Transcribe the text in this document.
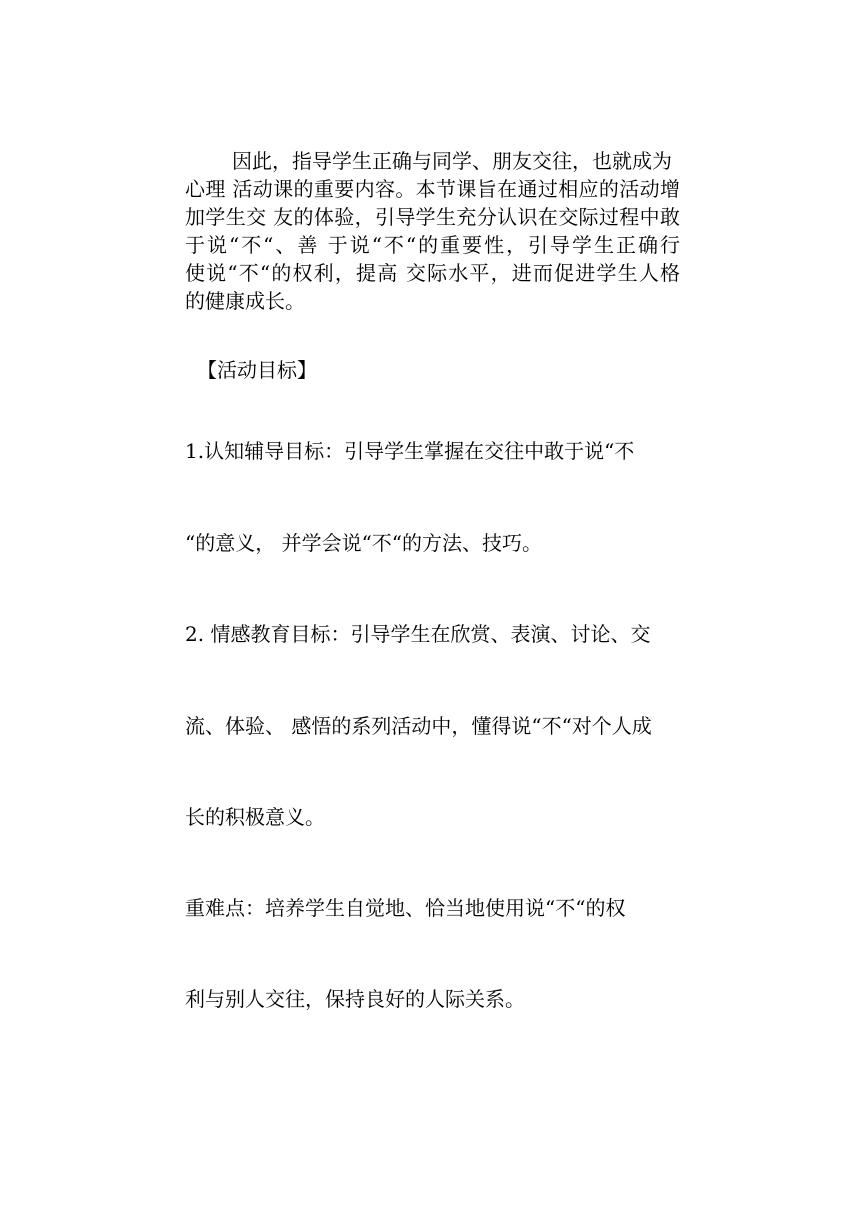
因此，指导学生正确与同学、朋友交往，也就成为
心理 活动课的重要内容。本节课旨在通过相应的活动增
加学生交 友的体验，引导学生充分认识在交际过程中敢
于说“不“、善 于说“不“的重要性，引导学生正确行
使说“不“的权利，提高 交际水平，进而促进学生人格
的健康成长。
【活动目标】
1.认知辅导目标：引导学生掌握在交往中敢于说“不
“的意义， 并学会说“不“的方法、技巧。
2. 情感教育目标：引导学生在欣赏、表演、讨论、交
流、体验、 感悟的系列活动中，懂得说“不“对个人成
长的积极意义。
重难点：培养学生自觉地、恰当地使用说“不“的权
利与别人交往，保持良好的人际关系。
